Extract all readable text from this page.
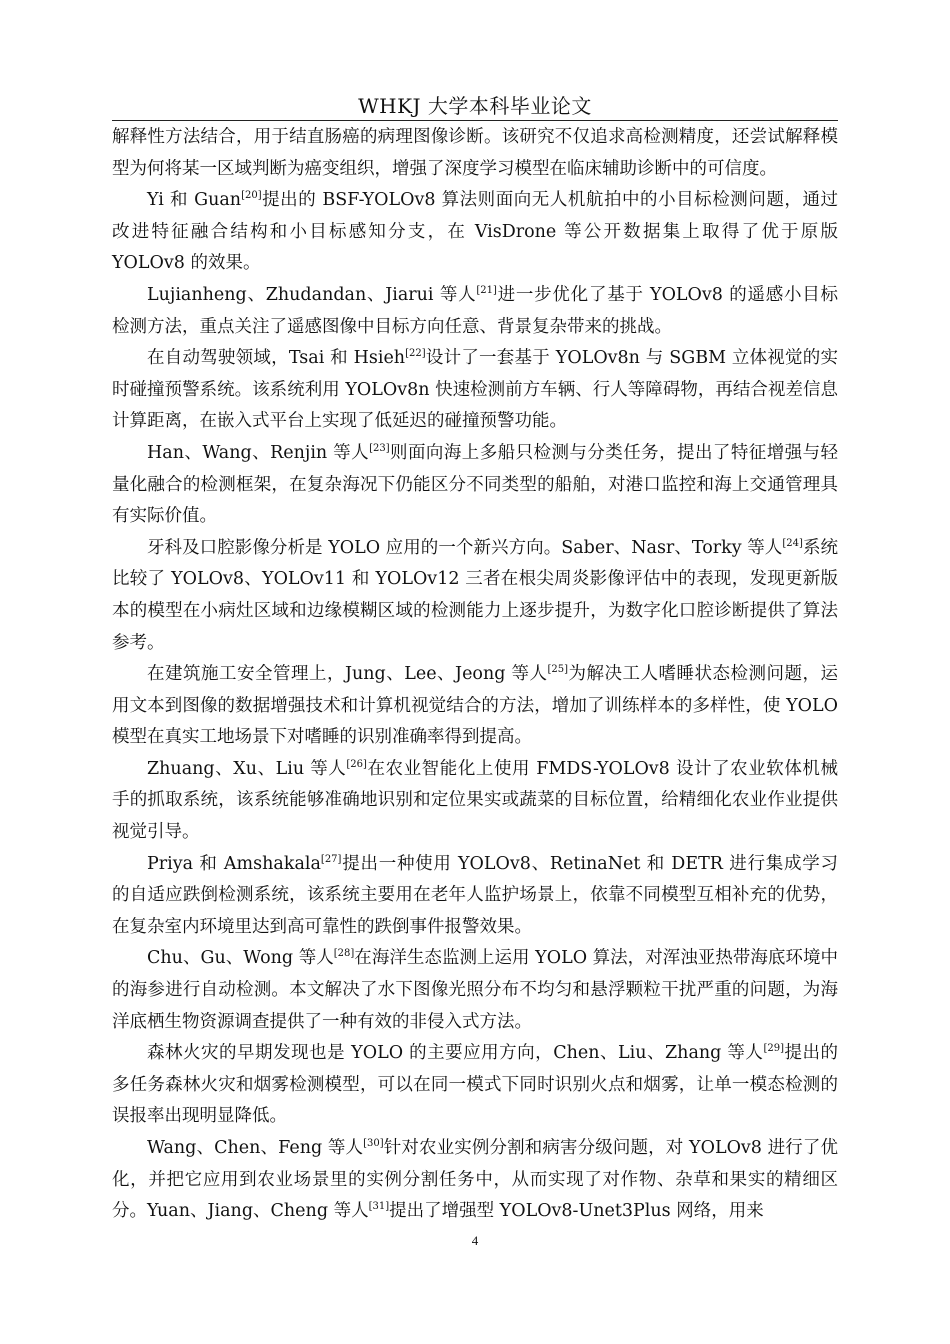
WHKJ 大学本科毕业论文

解释性方法结合，用于结直肠癌的病理图像诊断。该研究不仅追求高检测精度，还尝试解释模型为何将某一区域判断为癌变组织，增强了深度学习模型在临床辅助诊断中的可信度。

Yi 和 Guan[20]提出的 BSF-YOLOv8 算法则面向无人机航拍中的小目标检测问题，通过改进特征融合结构和小目标感知分支，在 VisDrone 等公开数据集上取得了优于原版 YOLOv8 的效果。

Lujianheng、Zhudandan、Jiarui 等人[21]进一步优化了基于 YOLOv8 的遥感小目标检测方法，重点关注了遥感图像中目标方向任意、背景复杂带来的挑战。

在自动驾驶领域，Tsai 和 Hsieh[22]设计了一套基于 YOLOv8n 与 SGBM 立体视觉的实时碰撞预警系统。该系统利用 YOLOv8n 快速检测前方车辆、行人等障碍物，再结合视差信息计算距离，在嵌入式平台上实现了低延迟的碰撞预警功能。

Han、Wang、Renjin 等人[23]则面向海上多船只检测与分类任务，提出了特征增强与轻量化融合的检测框架，在复杂海况下仍能区分不同类型的船舶，对港口监控和海上交通管理具有实际价值。

牙科及口腔影像分析是 YOLO 应用的一个新兴方向。Saber、Nasr、Torky 等人[24]系统比较了 YOLOv8、YOLOv11 和 YOLOv12 三者在根尖周炎影像评估中的表现，发现更新版本的模型在小病灶区域和边缘模糊区域的检测能力上逐步提升，为数字化口腔诊断提供了算法参考。

在建筑施工安全管理上，Jung、Lee、Jeong 等人[25]为解决工人嗜睡状态检测问题，运用文本到图像的数据增强技术和计算机视觉结合的方法，增加了训练样本的多样性，使 YOLO 模型在真实工地场景下对嗜睡的识别准确率得到提高。

Zhuang、Xu、Liu 等人[26]在农业智能化上使用 FMDS-YOLOv8 设计了农业软体机械手的抓取系统，该系统能够准确地识别和定位果实或蔬菜的目标位置，给精细化农业作业提供视觉引导。

Priya 和 Amshakala[27]提出一种使用 YOLOv8、RetinaNet 和 DETR 进行集成学习的自适应跌倒检测系统，该系统主要用在老年人监护场景上，依靠不同模型互相补充的优势，在复杂室内环境里达到高可靠性的跌倒事件报警效果。

Chu、Gu、Wong 等人[28]在海洋生态监测上运用 YOLO 算法，对浑浊亚热带海底环境中的海参进行自动检测。本文解决了水下图像光照分布不均匀和悬浮颗粒干扰严重的问题，为海洋底栖生物资源调查提供了一种有效的非侵入式方法。

森林火灾的早期发现也是 YOLO 的主要应用方向，Chen、Liu、Zhang 等人[29]提出的多任务森林火灾和烟雾检测模型，可以在同一模式下同时识别火点和烟雾，让单一模态检测的误报率出现明显降低。

Wang、Chen、Feng 等人[30]针对农业实例分割和病害分级问题，对 YOLOv8 进行了优化，并把它应用到农业场景里的实例分割任务中，从而实现了对作物、杂草和果实的精细区分。Yuan、Jiang、Cheng 等人[31]提出了增强型 YOLOv8-Unet3Plus 网络，用来

4
